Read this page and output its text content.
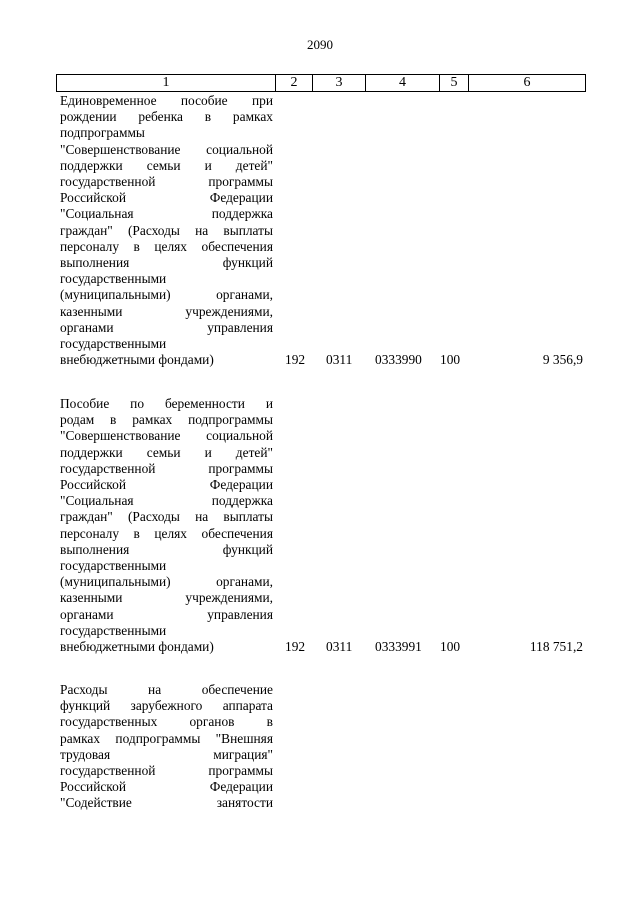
2090
1	2	3	4	5	6
Единовременное пособие при
рождении ребенка в рамках
подпрограммы
"Совершенствование социальной
поддержки семьи и детей"
государственной программы
Российской Федерации
"Социальная поддержка
граждан" (Расходы на выплаты
персоналу в целях обеспечения
выполнения функций
государственными
(муниципальными) органами,
казенными учреждениями,
органами управления
государственными
внебюджетными фондами)	192 0311 0333990 100	9 356,9
Пособие по беременности и
родам в рамках подпрограммы
"Совершенствование социальной
поддержки семьи и детей"
государственной программы
Российской Федерации
"Социальная поддержка
граждан" (Расходы на выплаты
персоналу в целях обеспечения
выполнения функций
государственными
(муниципальными) органами,
казенными учреждениями,
органами управления
государственными
внебюджетными фондами)	192 0311 0333991 100	118 751,2
Расходы на обеспечение
функций зарубежного аппарата
государственных органов в
рамках подпрограммы "Внешняя
трудовая миграция"
государственной программы
Российской Федерации
"Содействие занятости
